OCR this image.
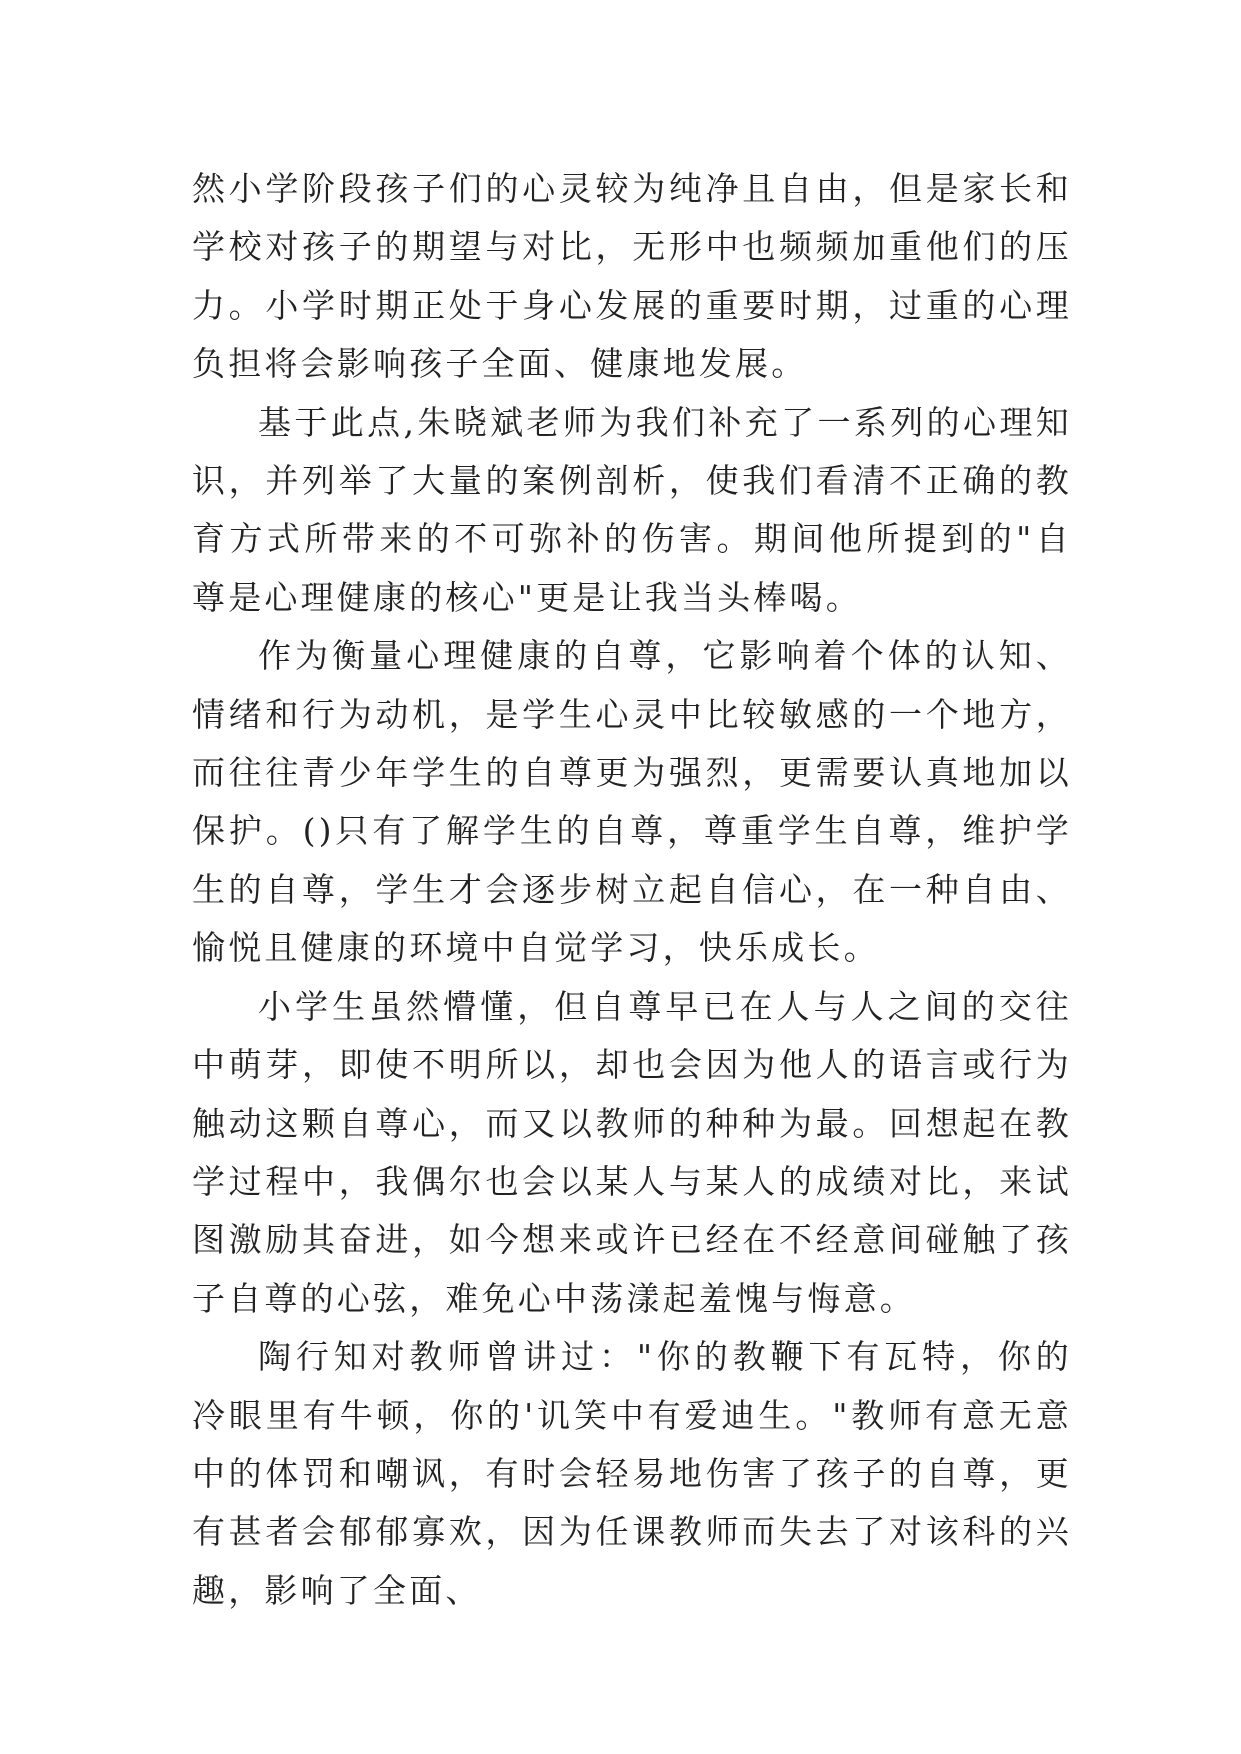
然小学阶段孩子们的心灵较为纯净且自由，但是家长和学校对孩子的期望与对比，无形中也频频加重他们的压力。小学时期正处于身心发展的重要时期，过重的心理负担将会影响孩子全面、健康地发展。

基于此点,朱晓斌老师为我们补充了一系列的心理知识，并列举了大量的案例剖析，使我们看清不正确的教育方式所带来的不可弥补的伤害。期间他所提到的"自尊是心理健康的核心"更是让我当头棒喝。

作为衡量心理健康的自尊，它影响着个体的认知、情绪和行为动机，是学生心灵中比较敏感的一个地方，而往往青少年学生的自尊更为强烈，更需要认真地加以保护。()只有了解学生的自尊，尊重学生自尊，维护学生的自尊，学生才会逐步树立起自信心，在一种自由、愉悦且健康的环境中自觉学习，快乐成长。

小学生虽然懵懂，但自尊早已在人与人之间的交往中萌芽，即使不明所以，却也会因为他人的语言或行为触动这颗自尊心，而又以教师的种种为最。回想起在教学过程中，我偶尔也会以某人与某人的成绩对比，来试图激励其奋进，如今想来或许已经在不经意间碰触了孩子自尊的心弦，难免心中荡漾起羞愧与悔意。

陶行知对教师曾讲过："你的教鞭下有瓦特，你的冷眼里有牛顿，你的'讥笑中有爱迪生。"教师有意无意中的体罚和嘲讽，有时会轻易地伤害了孩子的自尊，更有甚者会郁郁寡欢，因为任课教师而失去了对该科的兴趣，影响了全面、
